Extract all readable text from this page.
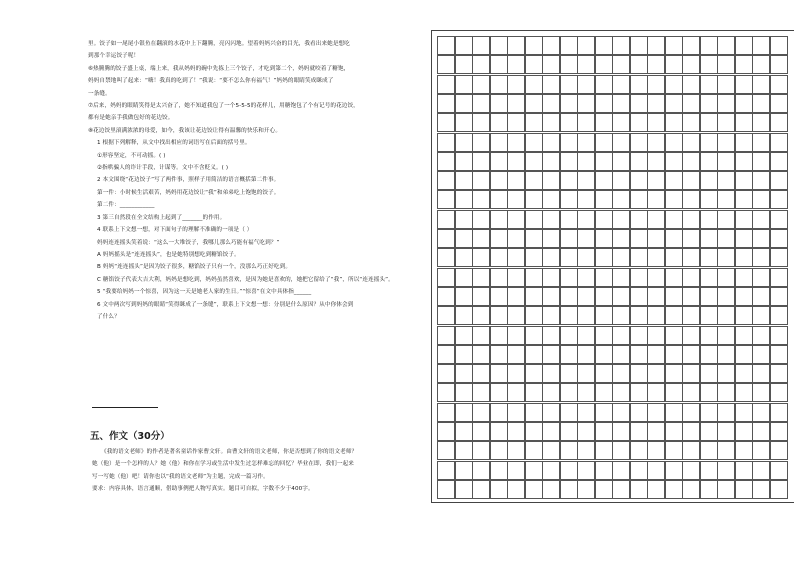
里。饺子如一尾尾小银鱼在翻滚的水花中上下翻腾，亮闪闪地。望着妈妈兴奋的目光，我看出来她是想吃

到那个幸运饺子呢！

⑥热腾腾的饺子盛上桌，端上来，我从妈妈的碗中先拣上三个饺子，才吃到第二个，妈妈就咬着了糖饱，

妈妈自禁地叫了起来：“嗨！我真的吃到了！”我说：“要不怎么你有福气！”妈妈的眼睛笑成眯成了

一条缝。

⑦后来，妈妈的眼睛笑得是太兴奋了，她不知道我包了一个5-5-5的花样儿，用糖饱包了个有记号的花边饺，

都有是她亲手我做包好的花边饺。

⑧花边饺里滚满浓浓的母爱，如今，我该让花边饺让得有温馨的快乐和开心。

1 根据下列解释，从文中找出相应的词语写在后面的括号里。

①形容坚定，不可动摇。( )

②指哄骗人的诈计手段，计谋等。文中不含贬义。( )

2 本文围绕“花边饺子”写了两件事，照样子用简洁的语言概括第二件事。

第一件：小时候生活艰苦，妈妈用花边饺让“我”和弟弟吃上饱饱的饺子。

第二件：____________

3 第三自然段在全文结构上起到了_______的作用。

4 联系上下文想一想，对下面句子的理解不准确的一项是（ ）

妈妈连连摇头笑着说：“这么一大堆饺子，我哪儿那么巧能有福气吃到？”

A 妈妈摇头是“连连摇头”，也是她特别想吃到糖馅饺子。

B 妈妈“连连摇头”是因为饺子很多，糖馅饺子只有一个，没那么巧正好吃到。

C 糖馅饺子代表大吉大利，妈妈是想吃到，妈妈虽然喜欢，是因为她是喜欢的，她把它留给了“我”，所以“连连摇头”。

5 “我要给妈妈一个惊喜，因为这一天是她老人家的生日。”“惊喜”在文中具体指______

6 文中两次写到妈妈的眼睛“笑得眯成了一条缝”，联系上下文想一想：分别是什么原因？从中你体会到

了什么？

五、作文（30分）

《我的语文老师》的作者是著名童话作家曹文轩。由曹文轩的语文老师，你是否想到了你的语文老师？

她（他）是一个怎样的人？她（他）和你在学习或生活中发生过怎样难忘的回忆？毕业在即，我们一起来

写一写她（他）吧！请你也以“我的语文老师”为主题，完成一篇习作。

要求：内容具体，语言通顺，借助事例把人物写真实。题目可自拟，字数不少于400字。
